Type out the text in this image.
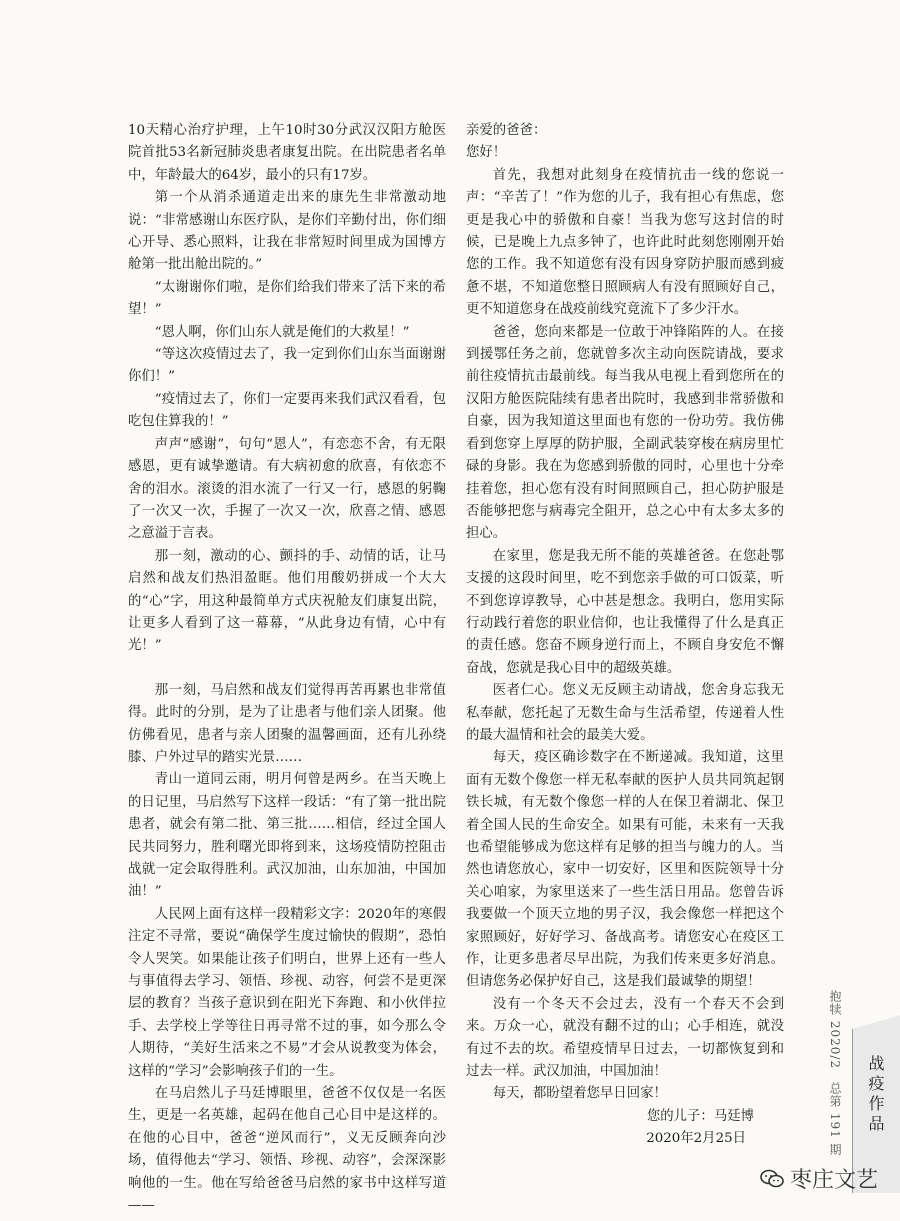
10天精心治疗护理，上午10时30分武汉汉阳方舱医院首批53名新冠肺炎患者康复出院。在出院患者名单中，年龄最大的64岁，最小的只有17岁。

第一个从消杀通道走出来的康先生非常激动地说：“非常感谢山东医疗队，是你们辛勤付出，你们细心开导、悉心照料，让我在非常短时间里成为国博方舱第一批出舱出院的。”

“太谢谢你们啦，是你们给我们带来了活下来的希望！”

“恩人啊，你们山东人就是俺们的大救星！”

“等这次疫情过去了，我一定到你们山东当面谢谢你们！”

“疫情过去了，你们一定要再来我们武汉看看，包吃包住算我的！”

声声“感谢”，句句“恩人”，有恋恋不舍，有无限感恩，更有诚挚邀请。有大病初愈的欣喜，有依恋不舍的泪水。滚烫的泪水流了一行又一行，感恩的躬鞠了一次又一次，手握了一次又一次，欣喜之情、感恩之意溢于言表。

那一刻，激动的心、颤抖的手、动情的话，让马启然和战友们热泪盈眶。他们用酸奶拼成一个大大的“心”字，用这种最简单方式庆祝舱友们康复出院，让更多人看到了这一幕幕，“从此身边有情，心中有光！”

那一刻，马启然和战友们觉得再苦再累也非常值得。此时的分别，是为了让患者与他们亲人团聚。他仿佛看见，患者与亲人团聚的温馨画面，还有儿孙绕膝、户外过早的踏实光景……

青山一道同云雨，明月何曾是两乡。在当天晚上的日记里，马启然写下这样一段话：“有了第一批出院患者，就会有第二批、第三批……相信，经过全国人民共同努力，胜利曙光即将到来，这场疫情防控阻击战就一定会取得胜利。武汉加油，山东加油，中国加油！”

人民网上面有这样一段精彩文字：2020年的寒假注定不寻常，要说“确保学生度过愉快的假期”，恐怕令人哭笑。如果能让孩子们明白，世界上还有一些人与事值得去学习、领悟、珍视、动容，何尝不是更深层的教育？当孩子意识到在阳光下奔跑、和小伙伴拉手、去学校上学等往日再寻常不过的事，如今那么令人期待，“美好生活来之不易”才会从说教变为体会，这样的“学习”会影响孩子们的一生。

在马启然儿子马廷博眼里，爸爸不仅仅是一名医生，更是一名英雄，起码在他自己心目中是这样的。在他的心目中，爸爸“逆风而行”，义无反顾奔向沙场，值得他去“学习、领悟、珍视、动容”，会深深影响他的一生。他在写给爸爸马启然的家书中这样写道——

亲爱的爸爸：

您好！

首先，我想对此刻身在疫情抗击一线的您说一声：“辛苦了！”作为您的儿子，我有担心有焦虑，您更是我心中的骄傲和自豪！当我为您写这封信的时候，已是晚上九点多钟了，也许此时此刻您刚刚开始您的工作。我不知道您有没有因身穿防护服而感到疲惫不堪，不知道您整日照顾病人有没有照顾好自己，更不知道您身在战疫前线究竟流下了多少汗水。

爸爸，您向来都是一位敢于冲锋陷阵的人。在接到援鄂任务之前，您就曾多次主动向医院请战，要求前往疫情抗击最前线。每当我从电视上看到您所在的汉阳方舱医院陆续有患者出院时，我感到非常骄傲和自豪，因为我知道这里面也有您的一份功劳。我仿佛看到您穿上厚厚的防护服，全副武装穿梭在病房里忙碌的身影。我在为您感到骄傲的同时，心里也十分牵挂着您，担心您有没有时间照顾自己，担心防护服是否能够把您与病毒完全阻开，总之心中有太多太多的担心。

在家里，您是我无所不能的英雄爸爸。在您赴鄂支援的这段时间里，吃不到您亲手做的可口饭菜，听不到您谆谆教导，心中甚是想念。我明白，您用实际行动践行着您的职业信仰，也让我懂得了什么是真正的责任感。您奋不顾身逆行而上，不顾自身安危不懈奋战，您就是我心目中的超级英雄。

医者仁心。您义无反顾主动请战，您舍身忘我无私奉献，您托起了无数生命与生活希望，传递着人性的最大温情和社会的最美大爱。

每天，疫区确诊数字在不断递减。我知道，这里面有无数个像您一样无私奉献的医护人员共同筑起钢铁长城，有无数个像您一样的人在保卫着湖北、保卫着全国人民的生命安全。如果有可能，未来有一天我也希望能够成为您这样有足够的担当与魄力的人。当然也请您放心，家中一切安好，区里和医院领导十分关心咱家，为家里送来了一些生活日用品。您曾告诉我要做一个顶天立地的男子汉，我会像您一样把这个家照顾好，好好学习、备战高考。请您安心在疫区工作，让更多患者尽早出院，为我们传来更多好消息。但请您务必保护好自己，这是我们最诚挚的期望！

没有一个冬天不会过去，没有一个春天不会到来。万众一心，就没有翻不过的山；心手相连，就没有过不去的坎。希望疫情早日过去，一切都恢复到和过去一样。武汉加油，中国加油！

每天，都盼望着您早日回家！

您的儿子：马廷博

2020年2月25日	抱犊 2020/2　总第 191 期 战疫作品
枣庄文艺
